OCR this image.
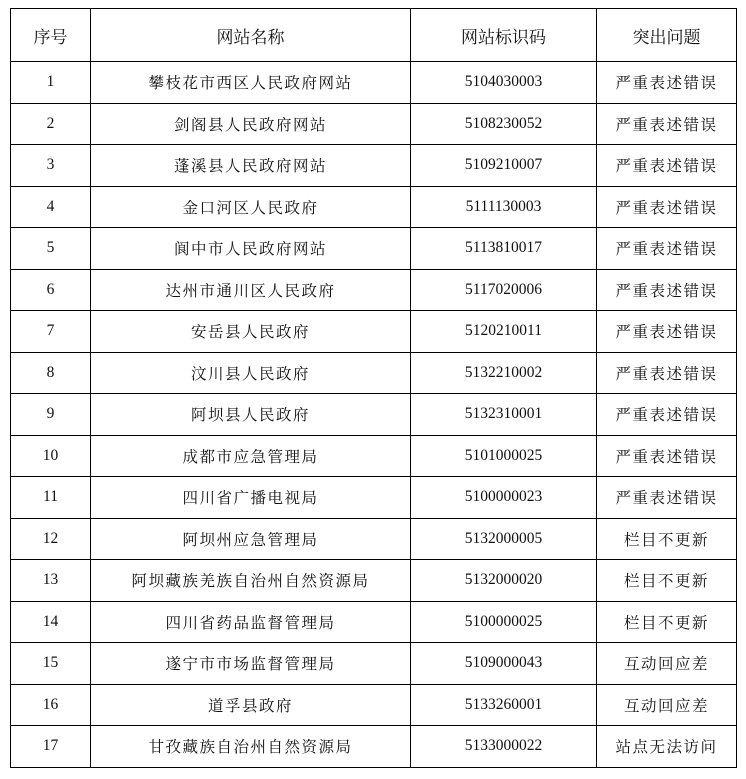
序号	网站名称	网站标识码	突出问题
1	攀枝花市西区人民政府网站	5104030003	严重表述错误
2	剑阁县人民政府网站	5108230052	严重表述错误
3	蓬溪县人民政府网站	5109210007	严重表述错误
4	金口河区人民政府	5111130003	严重表述错误
5	阆中市人民政府网站	5113810017	严重表述错误
6	达州市通川区人民政府	5117020006	严重表述错误
7	安岳县人民政府	5120210011	严重表述错误
8	汶川县人民政府	5132210002	严重表述错误
9	阿坝县人民政府	5132310001	严重表述错误
10	成都市应急管理局	5101000025	严重表述错误
11	四川省广播电视局	5100000023	严重表述错误
12	阿坝州应急管理局	5132000005	栏目不更新
13	阿坝藏族羌族自治州自然资源局	5132000020	栏目不更新
14	四川省药品监督管理局	5100000025	栏目不更新
15	遂宁市市场监督管理局	5109000043	互动回应差
16	道孚县政府	5133260001	互动回应差
17	甘孜藏族自治州自然资源局	5133000022	站点无法访问
